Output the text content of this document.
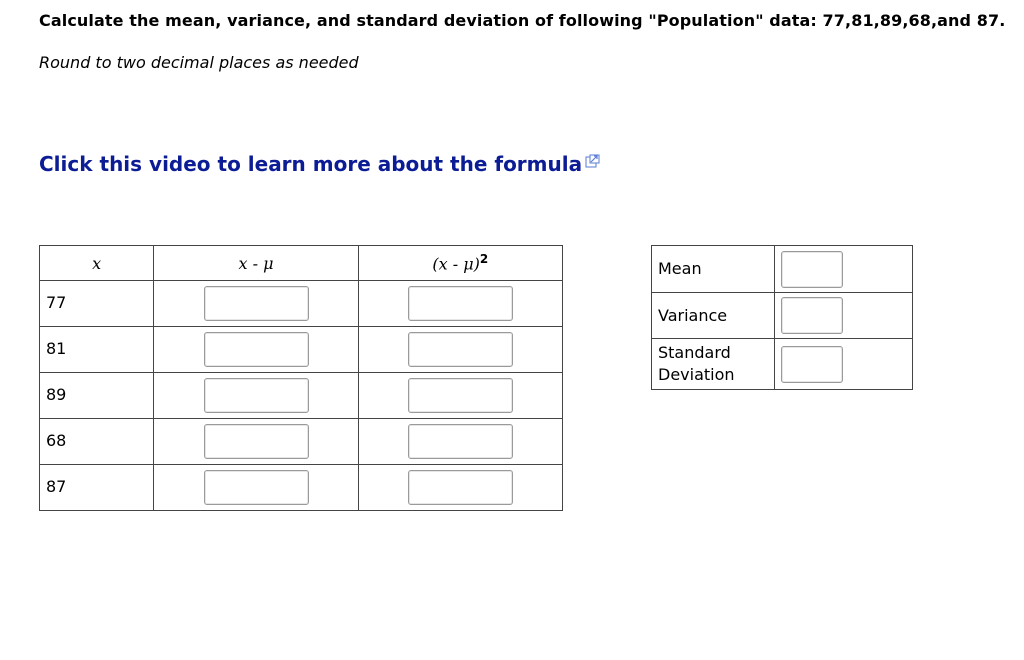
Calculate the mean, variance, and standard deviation of following "Population" data: 77,81,89,68,and 87.
Round to two decimal places as needed
Click this video to learn more about the formula
x	x - μ	(x - μ)$^2$
77	

81	

89	

68	

87	

Mean	

Variance	

Standard
Deviation	
